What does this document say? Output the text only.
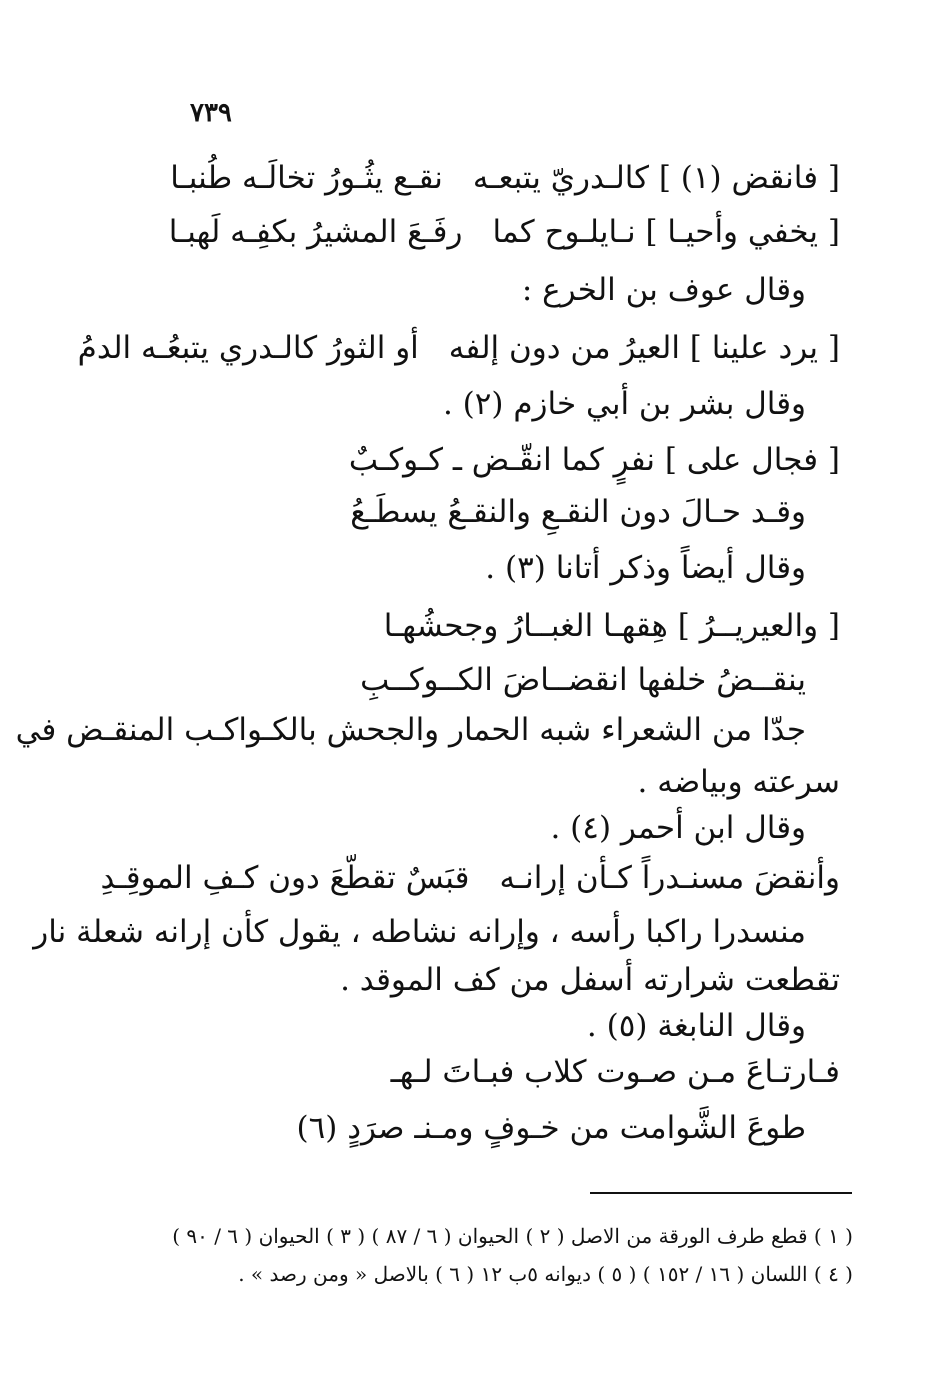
٧٣٩
[ فانقض (١) ] كالـدريّ يتبعـه
نقـع يثُـورُ تخالَـه طُنبـا
[ يخفي وأحيـا ] نـايلـوح كما
رفَـعَ المشيرُ بكفِـه لَهبـا
وقال عوف بن الخرع :
[ يرد علينا ] العيرُ من دون إلفه
أو الثورُ كالـدري يتبعُـه الدمُ
وقال بشر بن أبي خازم (٢) .
[ فجال على ] نفرٍ كما انقّـض ـ كـوكـبٌ
وقـد حـالَ دون النقـعِ والنقـعُ يسطَـعُ
وقال أيضاً وذكر أتانا (٣) .
[ والعيريــرُ ] هِقهـا الغبــارُ وجحشُهـا
ينقــضُ خلفها انقضــاضَ الكــوكــبِ
جدّا من الشعراء شبه الحمار والجحش بالكـواكـب المنقـض في
سرعته وبياضه .
وقال ابن أحمر (٤) .
وأنقضَ مسنـدراً كـأن إرانـه
قبَسٌ تقطّعَ دون كـفِ الموقِـدِ
منسدرا راكبا رأسه ، وإرانه نشاطه ، يقول كأن إرانه شعلة نار
تقطعت شرارته أسفل من كف الموقد .
وقال النابغة (٥) .
فـارتـاعَ مـن صـوت كلاب فبـاتَ لـهـ
طوعَ الشَّوامت من خـوفٍ ومـنـ صرَدٍ (٦)
( ١ ) قطع طرف الورقة من الاصل ( ٢ ) الحيوان ( ٦ / ٨٧ ) ( ٣ ) الحيوان ( ٦ / ٩٠ )
( ٤ ) اللسان ( ١٦ / ١٥٢ ) ( ٥ ) ديوانه ٥ب ١٢ ( ٦ ) بالاصل « ومن رصد » .
